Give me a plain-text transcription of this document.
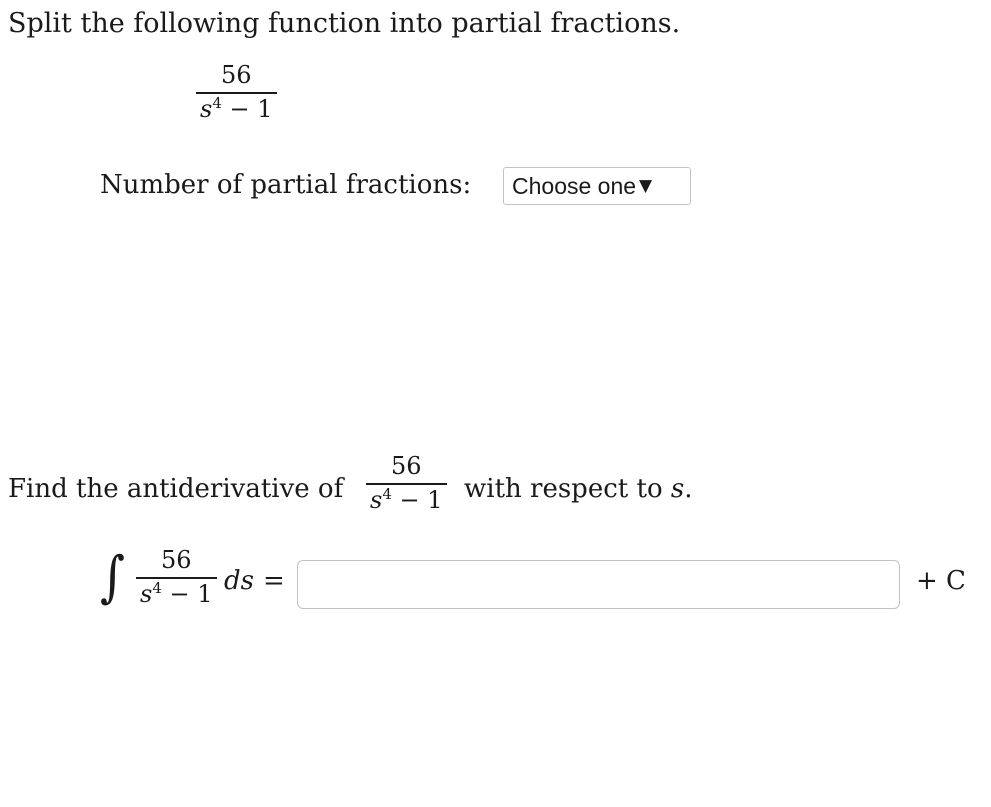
Split the following function into partial fractions.
$\frac{56}{s^4 - 1}$
Number of partial fractions: Choose one ▼
Find the antiderivative of $\frac{56}{s^4 - 1}$ with respect to s.
∫ $\frac{56}{s^4 - 1}$ ds =	+ C
